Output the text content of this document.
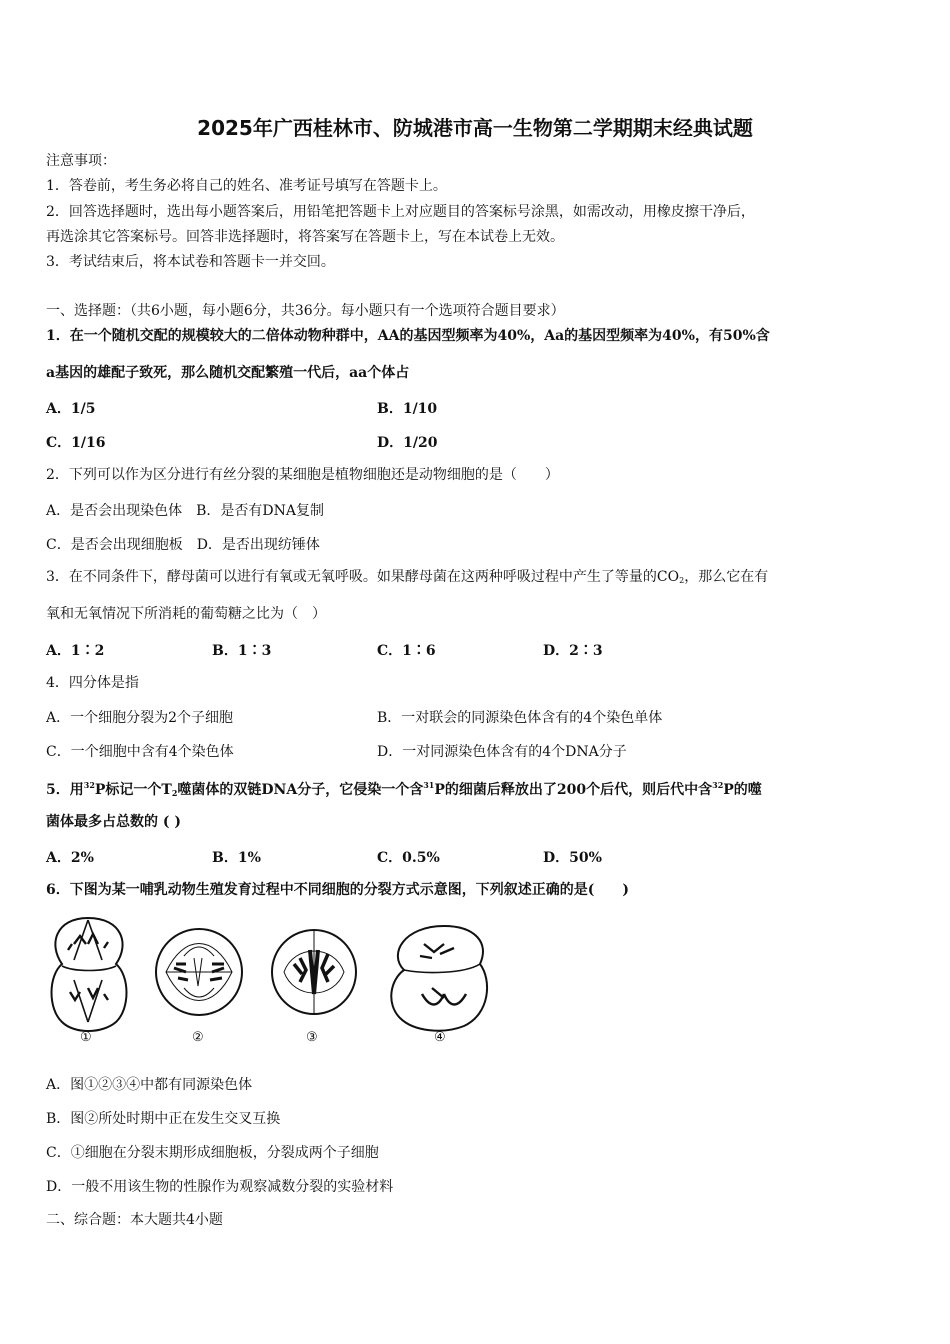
2025年广西桂林市、防城港市高一生物第二学期期末经典试题
注意事项：
1．答卷前，考生务必将自己的姓名、准考证号填写在答题卡上。
2．回答选择题时，选出每小题答案后，用铅笔把答题卡上对应题目的答案标号涂黑，如需改动，用橡皮擦干净后，
再选涂其它答案标号。回答非选择题时，将答案写在答题卡上，写在本试卷上无效。
3．考试结束后，将本试卷和答题卡一并交回。
一、选择题：（共6小题，每小题6分，共36分。每小题只有一个选项符合题目要求）
1．在一个随机交配的规模较大的二倍体动物种群中，AA的基因型频率为40%，Aa的基因型频率为40%，有50%含
a基因的雄配子致死，那么随机交配繁殖一代后，aa个体占
A．1/5	B．1/10
C．1/16	D．1/20
2．下列可以作为区分进行有丝分裂的某细胞是植物细胞还是动物细胞的是（　　）
A．是否会出现染色体　B．是否有DNA复制
C．是否会出现细胞板　D．是否出现纺锤体
3．在不同条件下，酵母菌可以进行有氧或无氧呼吸。如果酵母菌在这两种呼吸过程中产生了等量的$CO_2$，那么它在有
氧和无氧情况下所消耗的葡萄糖之比为（　）
A．1∶2	B．1∶3	C．1∶6	D．2∶3
4．四分体是指
A．一个细胞分裂为2个子细胞	B．一对联会的同源染色体含有的4个染色单体
C．一个细胞中含有4个染色体	D．一对同源染色体含有的4个DNA分子
5．用$^{32}$P标记一个$T_2$噬菌体的双链DNA分子，它侵染一个含$^{31}$P的细菌后释放出了200个后代，则后代中含$^{32}$P的噬
菌体最多占总数的 ( )
A．2%	B．1%	C．0.5%	D．50%
6．下图为某一哺乳动物生殖发育过程中不同细胞的分裂方式示意图，下列叙述正确的是(　　)
①	②	③	④
A．图①②③④中都有同源染色体
B．图②所处时期中正在发生交叉互换
C．①细胞在分裂末期形成细胞板，分裂成两个子细胞
D．一般不用该生物的性腺作为观察减数分裂的实验材料
二、综合题：本大题共4小题
